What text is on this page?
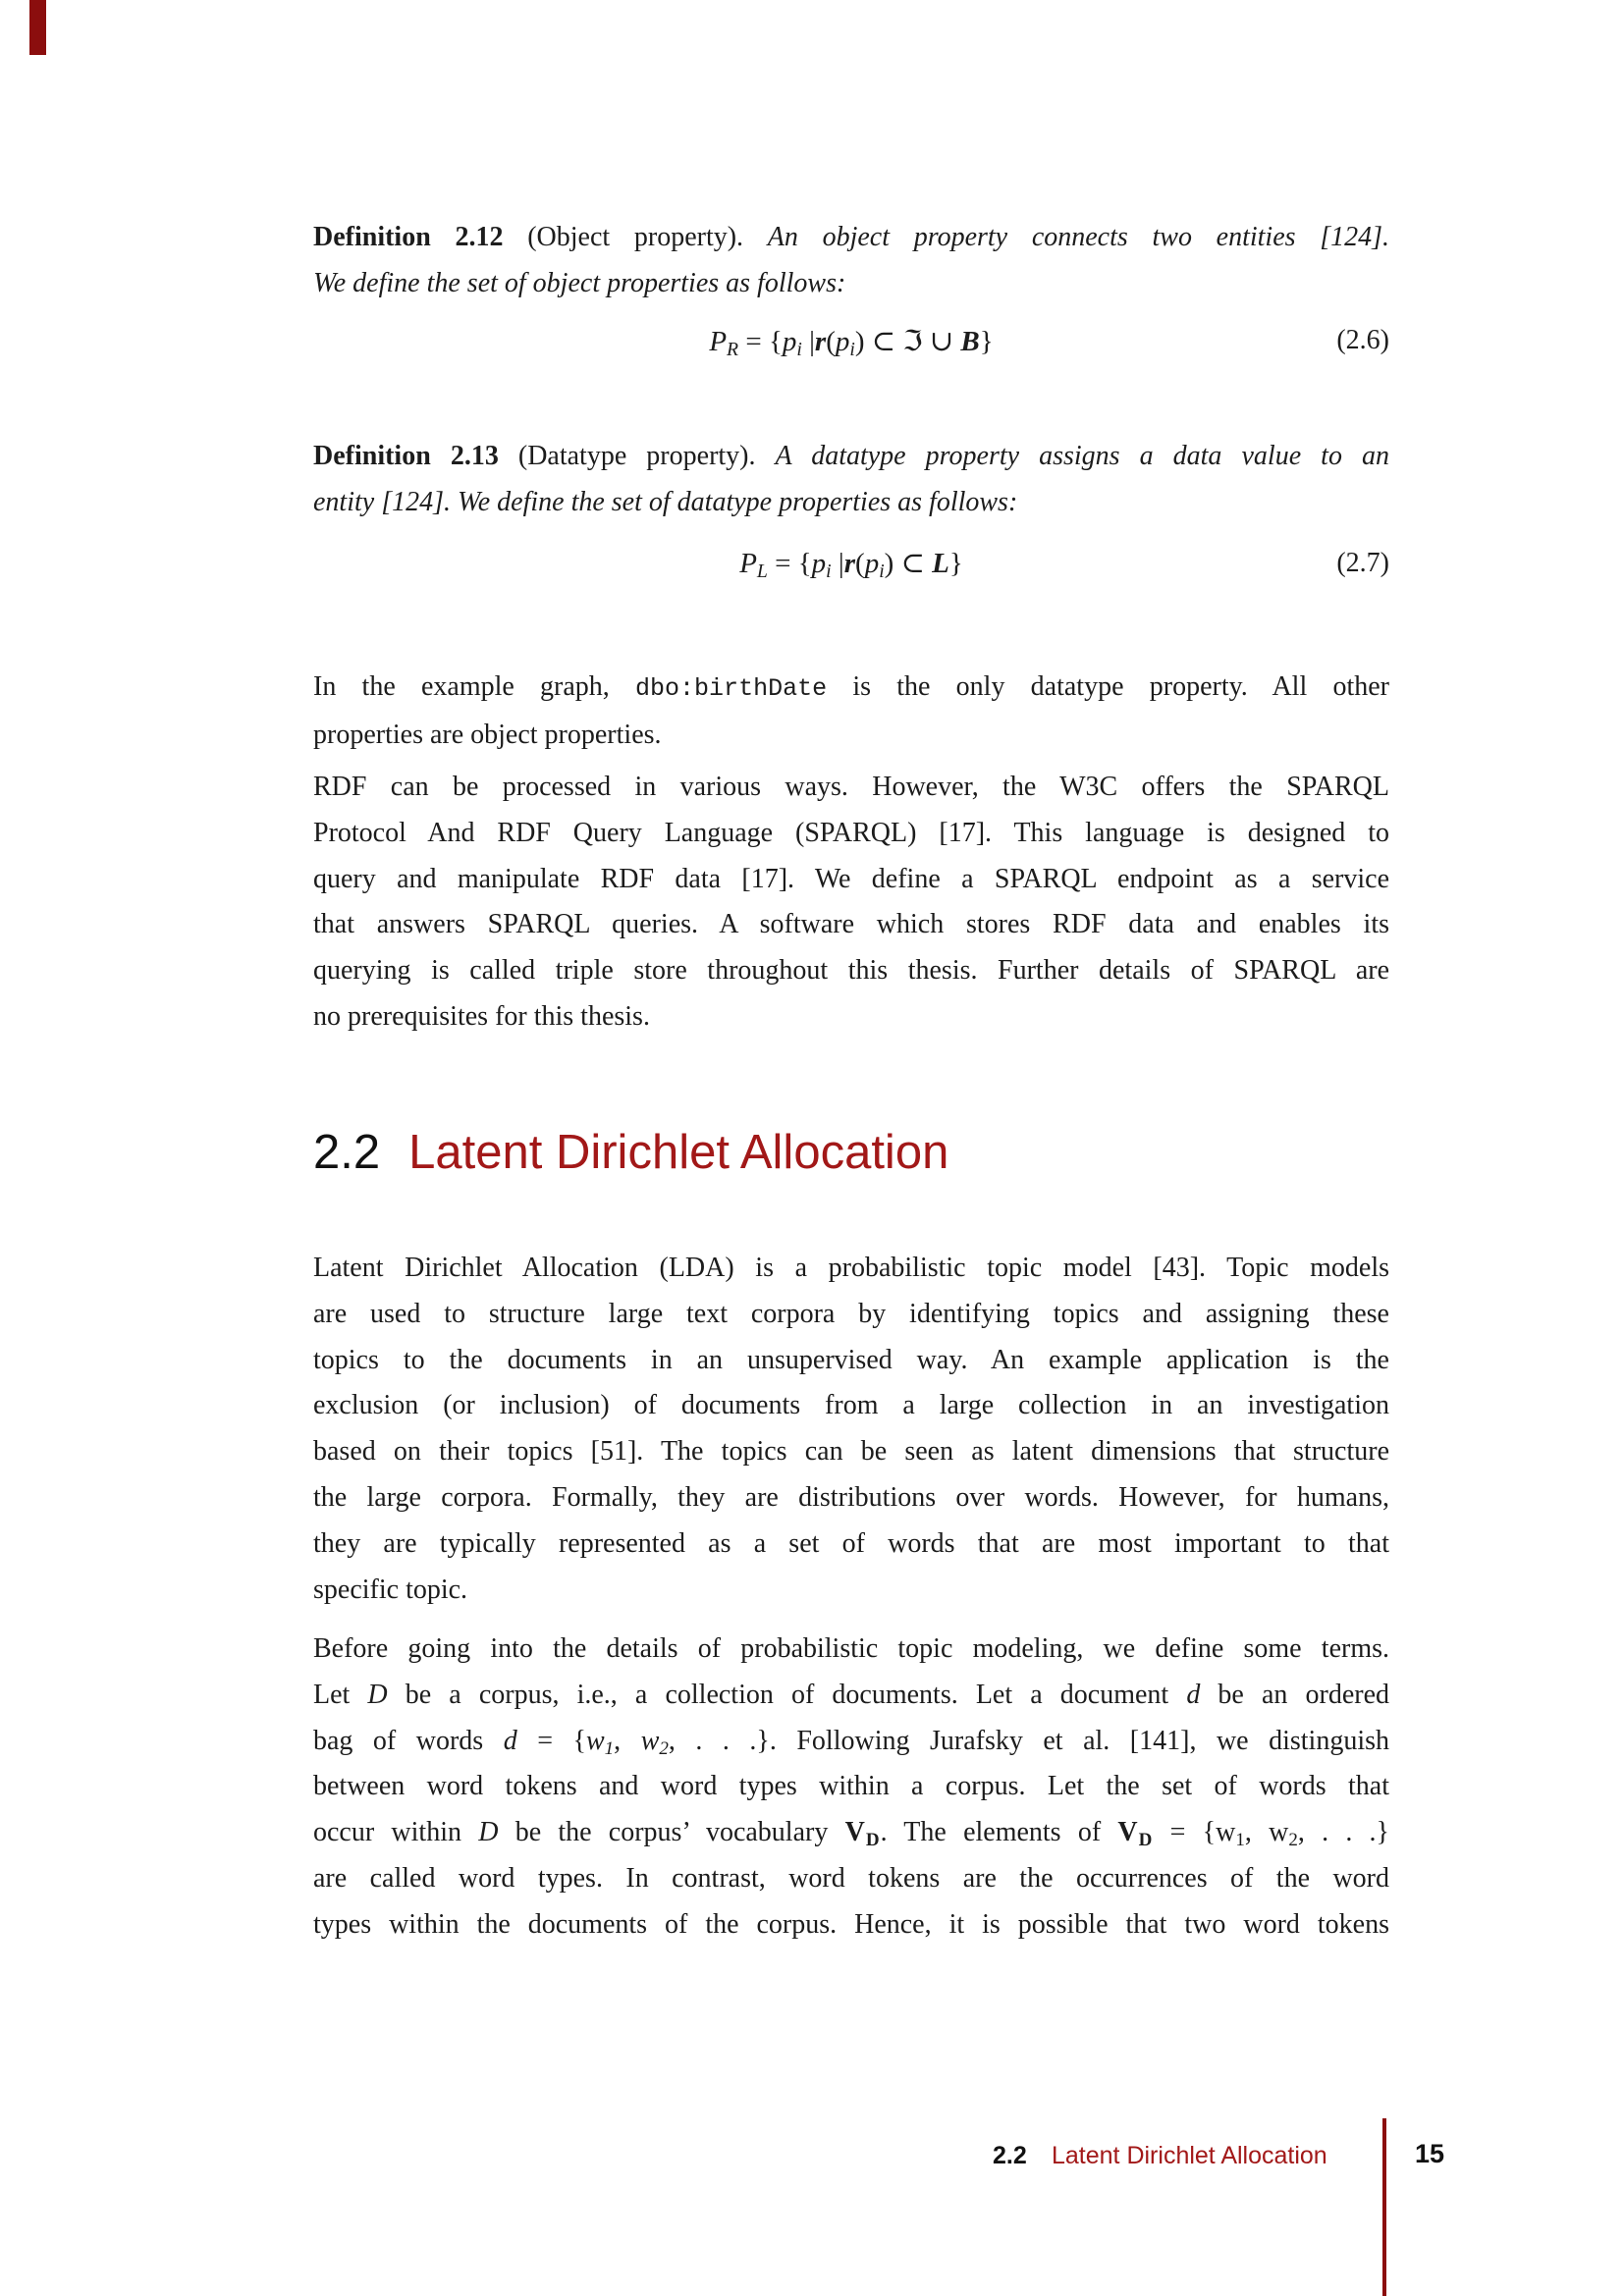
Definition 2.12 (Object property). An object property connects two entities [124].
We define the set of object properties as follows:
$P_R = \{p_i$ $|r(p_i)$ ⊂ ℑ ∪ B}	(2.6)
Definition 2.13 (Datatype property). A datatype property assigns a data value to an
entity [124]. We define the set of datatype properties as follows:
$P_L = \{p_i$ $|r(p_i)$ ⊂ L}	(2.7)
In the example graph, dbo:birthDate is the only datatype property. All other
properties are object properties.
RDF can be processed in various ways. However, the W3C offers the SPARQL
Protocol And RDF Query Language (SPARQL) [17]. This language is designed to
query and manipulate RDF data [17]. We define a SPARQL endpoint as a service
that answers SPARQL queries. A software which stores RDF data and enables its
querying is called triple store throughout this thesis. Further details of SPARQL are
no prerequisites for this thesis.
Latent Dirichlet Allocation (LDA) is a probabilistic topic model [43]. Topic models
are used to structure large text corpora by identifying topics and assigning these
topics to the documents in an unsupervised way. An example application is the
exclusion (or inclusion) of documents from a large collection in an investigation
based on their topics [51]. The topics can be seen as latent dimensions that structure
the large corpora. Formally, they are distributions over words. However, for humans,
they are typically represented as a set of words that are most important to that
specific topic.
Before going into the details of probabilistic topic modeling, we define some terms.
Let D be a corpus, i.e., a collection of documents. Let a document d be an ordered
bag of words $d = \{w_1$, $w_2$, . . .}. Following Jurafsky et al. [141], we distinguish
between word tokens and word types within a corpus. Let the set of words that
occur within D be the corpus’ vocabulary $V_D$. The elements of $V_D = \{w_1$, $w_2$, . . .}
are called word types. In contrast, word tokens are the occurrences of the word
types within the documents of the corpus. Hence, it is possible that two word tokens
2.2 Latent Dirichlet Allocation
2.2 Latent Dirichlet Allocation	15
